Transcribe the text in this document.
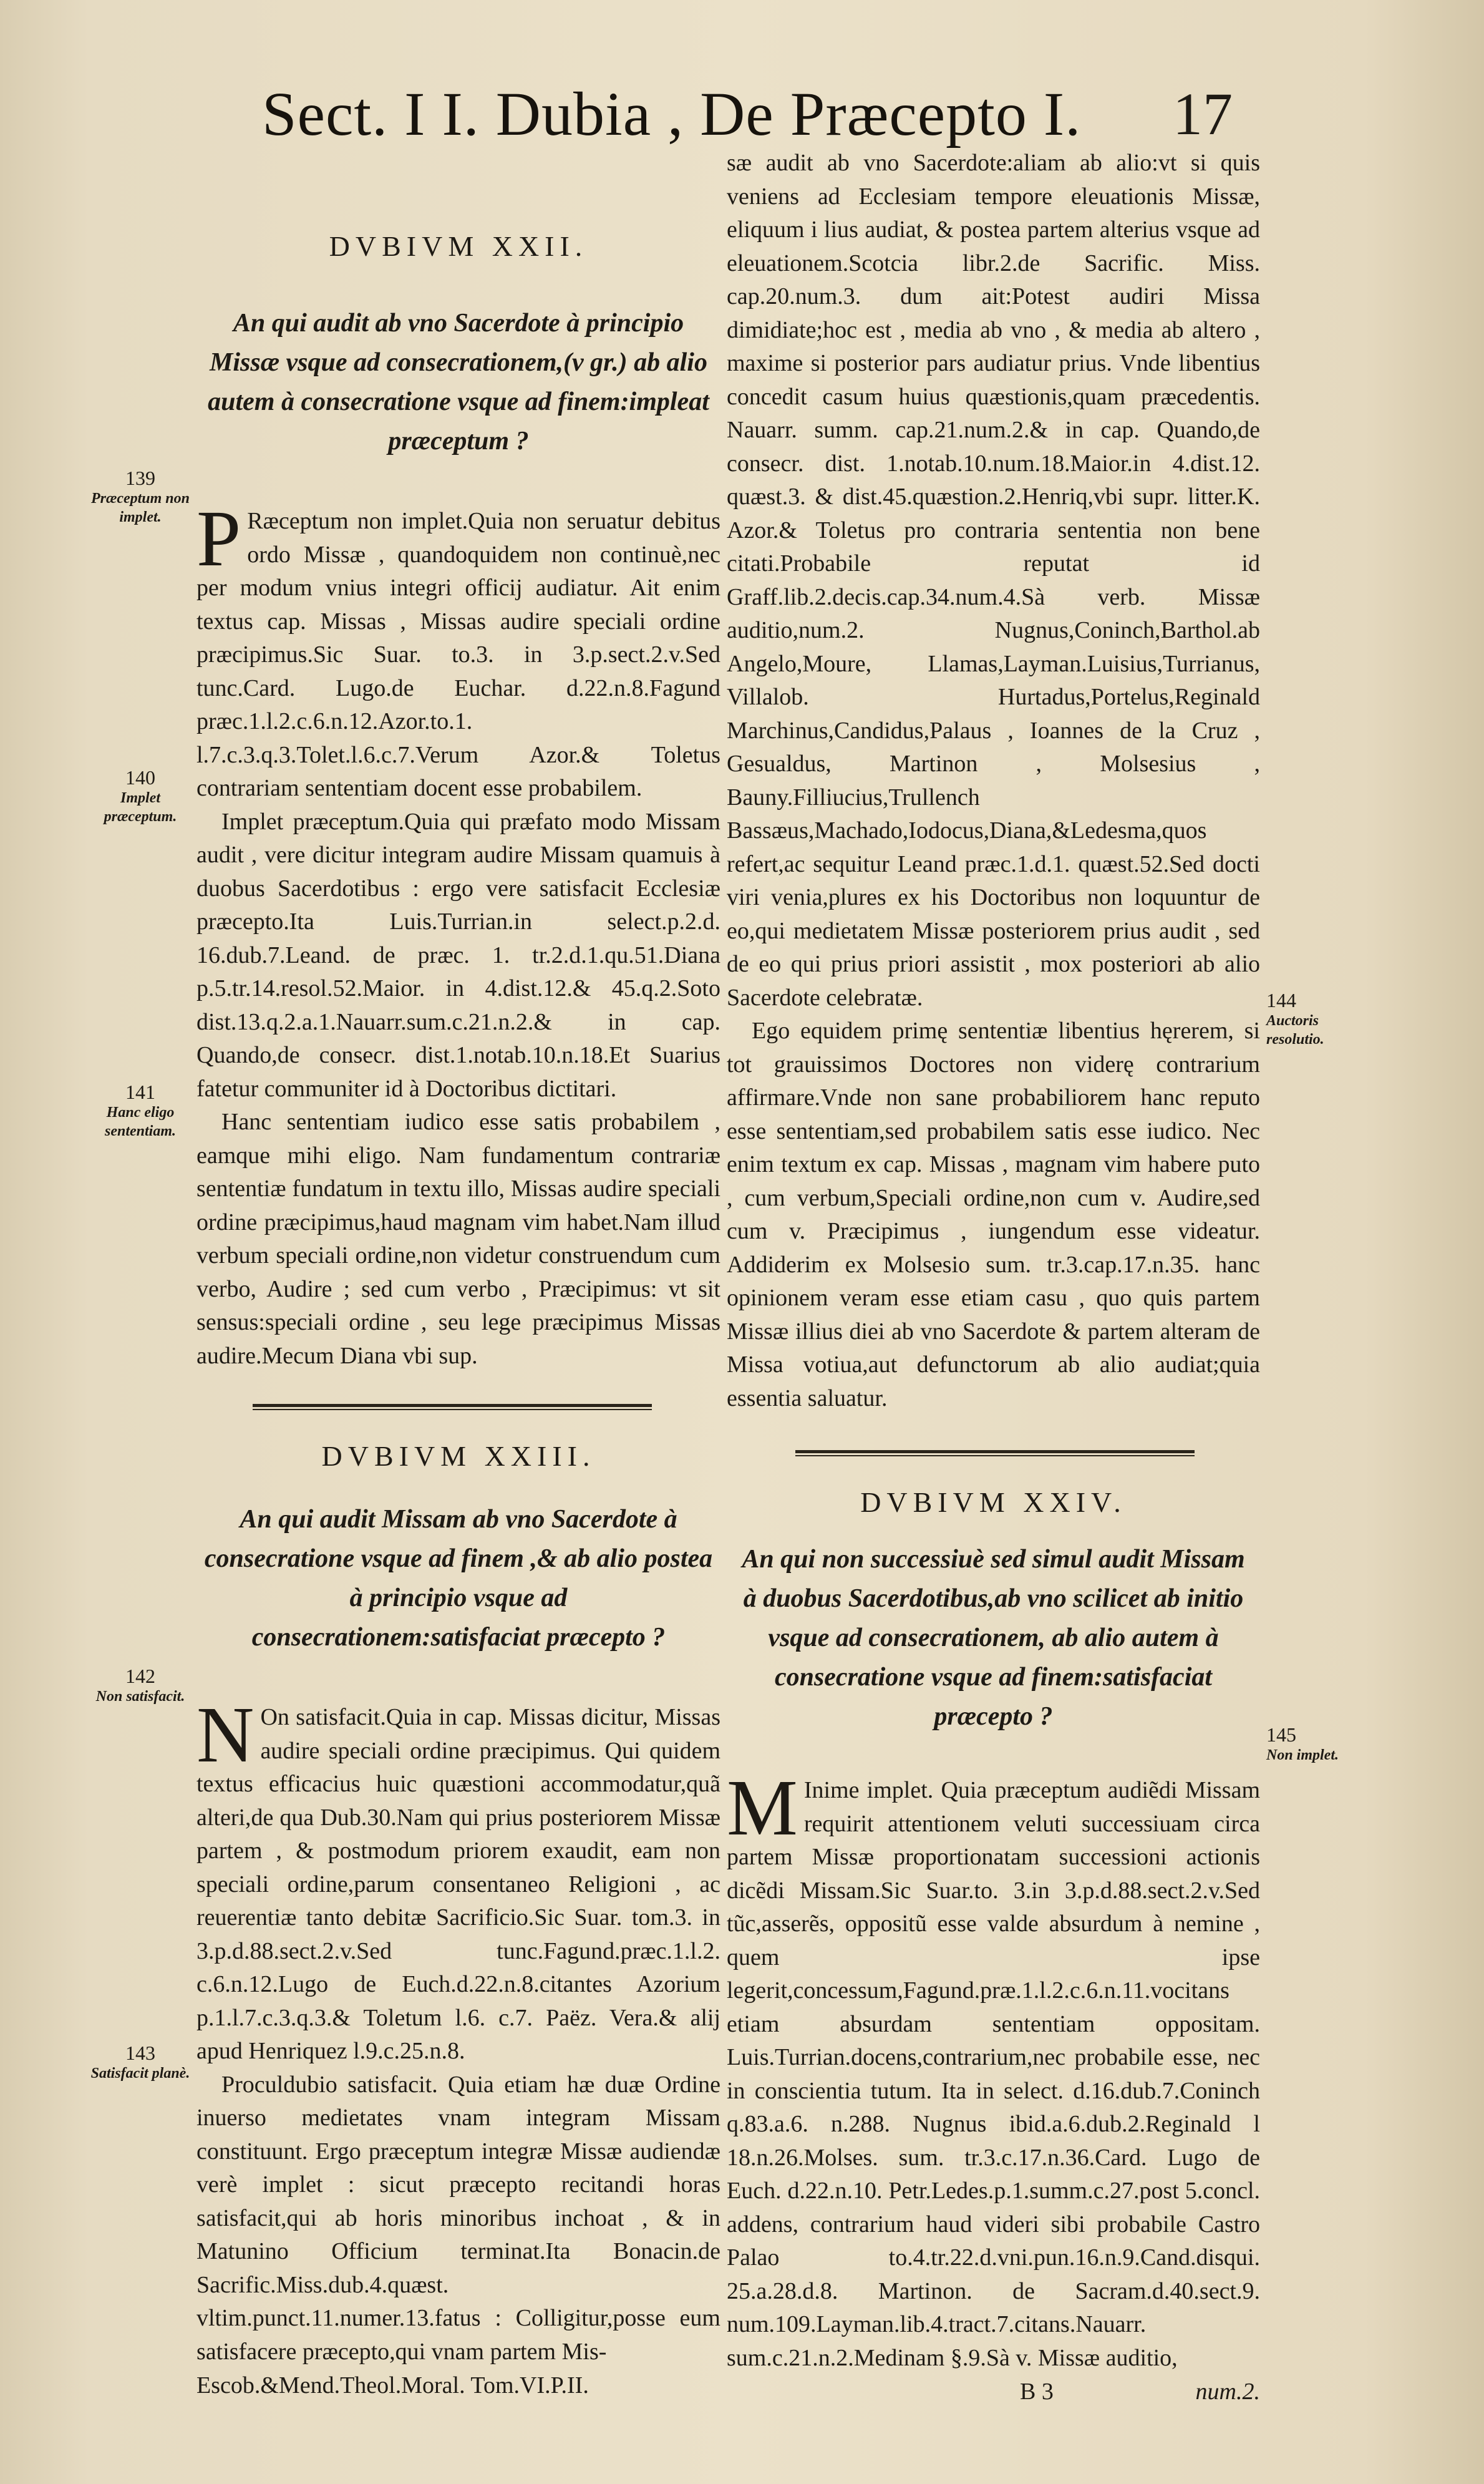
Sect. I I. Dubia , De Præcepto I. 17
DVBIVM XXII.
An qui audit ab vno Sacerdote à principio Missæ vsque ad consecrationem,(v gr.) ab alio autem à consecratione vsque ad finem:impleat præceptum ?

P Ræceptum non implet.Quia non seruatur debitus ordo Missæ , quandoquidem non continuè,nec per modum vnius integri officij audiatur. Ait enim textus cap. Missas , Missas audire speciali ordine præcipimus.Sic Suar. to.3. in 3.p.sect.2.v.Sed tunc.Card. Lugo.de Euchar. d.22.n.8.Fagund præc.1.l.2.c.6.n.12.Azor.to.1. l.7.c.3.q.3.Tolet.l.6.c.7.Verum Azor.& Toletus contrariam sententiam docent esse probabilem.

Implet præceptum.Quia qui præfato modo Missam audit , vere dicitur integram audire Missam quamuis à duobus Sacerdotibus : ergo vere satisfacit Ecclesiæ præcepto.Ita Luis.Turrian.in select.p.2.d. 16.dub.7.Leand. de præc. 1. tr.2.d.1.qu.51.Diana p.5.tr.14.resol.52.Maior. in 4.dist.12.& 45.q.2.Soto dist.13.q.2.a.1.Nauarr.sum.c.21.n.2.& in cap. Quando,de consecr. dist.1.notab.10.n.18.Et Suarius fatetur communiter id à Doctoribus dictitari.

Hanc sententiam iudico esse satis probabilem , eamque mihi eligo. Nam fundamentum contrariæ sententiæ fundatum in textu illo, Missas audire speciali ordine præcipimus,haud magnam vim habet.Nam illud verbum speciali ordine,non videtur construendum cum verbo, Audire ; sed cum verbo , Præcipimus: vt sit sensus:speciali ordine , seu lege præcipimus Missas audire.Mecum Diana vbi sup.

DVBIVM XXIII.
An qui audit Missam ab vno Sacerdote à consecratione vsque ad finem ,& ab alio postea à principio vsque ad consecrationem:satisfaciat præcepto ?

N On satisfacit.Quia in cap. Missas dicitur, Missas audire speciali ordine præcipimus. Qui quidem textus efficacius huic quæstioni accommodatur,quã alteri,de qua Dub.30.Nam qui prius posteriorem Missæ partem , & postmodum priorem exaudit, eam non speciali ordine,parum consentaneo Religioni , ac reuerentiæ tanto debitæ Sacrificio.Sic Suar. tom.3. in 3.p.d.88.sect.2.v.Sed tunc.Fagund.præc.1.l.2. c.6.n.12.Lugo de Euch.d.22.n.8.citantes Azorium p.1.l.7.c.3.q.3.& Toletum l.6. c.7. Paëz. Vera.& alij apud Henriquez l.9.c.25.n.8.

Proculdubio satisfacit. Quia etiam hæ duæ Ordine inuerso medietates vnam integram Missam constituunt. Ergo præceptum integræ Missæ audiendæ verè implet : sicut præcepto recitandi horas satisfacit,qui ab horis minoribus inchoat , & in Matunino Officium terminat.Ita Bonacin.de Sacrific.Miss.dub.4.quæst. vltim.punct.11.numer.13.fatus : Colligitur,posse eum satisfacere præcepto,qui vnam partem Mis-

Escob.&Mend.Theol.Moral. Tom.VI.P.II.

sæ audit ab vno Sacerdote:aliam ab alio:vt si quis veniens ad Ecclesiam tempore eleuationis Missæ, eliquum i lius audiat, & postea partem alterius vsque ad eleuationem.Scotcia libr.2.de Sacrific. Miss. cap.20.num.3. dum ait:Potest audiri Missa dimidiate;hoc est , media ab vno , & media ab altero , maxime si posterior pars audiatur prius. Vnde libentius concedit casum huius quæstionis,quam præcedentis. Nauarr. summ. cap.21.num.2.& in cap. Quando,de consecr. dist. 1.notab.10.num.18.Maior.in 4.dist.12. quæst.3. & dist.45.quæstion.2.Henriq,vbi supr. litter.K. Azor.& Toletus pro contraria sententia non bene citati.Probabile reputat id Graff.lib.2.decis.cap.34.num.4.Sà verb. Missæ auditio,num.2. Nugnus,Coninch,Barthol.ab Angelo,Moure, Llamas,Layman.Luisius,Turrianus, Villalob. Hurtadus,Portelus,Reginald Marchinus,Candidus,Palaus , Ioannes de la Cruz , Gesualdus, Martinon , Molsesius , Bauny.Filliucius,Trullench Bassæus,Machado,Iodocus,Diana,&Ledesma,quos refert,ac sequitur Leand præc.1.d.1. quæst.52.Sed docti viri venia,plures ex his Doctoribus non loquuntur de eo,qui medietatem Missæ posteriorem prius audit , sed de eo qui prius priori assistit , mox posteriori ab alio Sacerdote celebratæ.

Ego equidem primę sententiæ libentius hęrerem, si tot grauissimos Doctores non viderę contrarium affirmare.Vnde non sane probabiliorem hanc reputo esse sententiam,sed probabilem satis esse iudico. Nec enim textum ex cap. Missas , magnam vim habere puto , cum verbum,Speciali ordine,non cum v. Audire,sed cum v. Præcipimus , iungendum esse videatur. Addiderim ex Molsesio sum. tr.3.cap.17.n.35. hanc opinionem veram esse etiam casu , quo quis partem Missæ illius diei ab vno Sacerdote & partem alteram de Missa votiua,aut defunctorum ab alio audiat;quia essentia saluatur.

DVBIVM XXIV.
An qui non successiuè sed simul audit Missam à duobus Sacerdotibus,ab vno scilicet ab initio vsque ad consecrationem, ab alio autem à consecratione vsque ad finem:satisfaciat præcepto ?

M Inime implet. Quia præceptum audiẽdi Missam requirit attentionem veluti successiuam circa partem Missæ proportionatam successioni actionis dicẽdi Missam.Sic Suar.to. 3.in 3.p.d.88.sect.2.v.Sed tũc,asserẽs, oppositũ esse valde absurdum à nemine , quem ipse legerit,concessum,Fagund.præ.1.l.2.c.6.n.11.vocitans etiam absurdam sententiam oppositam. Luis.Turrian.docens,contrarium,nec probabile esse, nec in conscientia tutum. Ita in select. d.16.dub.7.Coninch q.83.a.6. n.288. Nugnus ibid.a.6.dub.2.Reginald l 18.n.26.Molses. sum. tr.3.c.17.n.36.Card. Lugo de Euch. d.22.n.10. Petr.Ledes.p.1.summ.c.27.post 5.concl. addens, contrarium haud videri sibi probabile Castro Palao to.4.tr.22.d.vni.pun.16.n.9.Cand.disqui. 25.a.28.d.8. Martinon. de Sacram.d.40.sect.9. num.109.Layman.lib.4.tract.7.citans.Nauarr. sum.c.21.n.2.Medinam §.9.Sà v. Missæ auditio,

B 3	num.2.
139
Præceptum non implet.
140
Implet præceptum.
141
Hanc eligo sententiam.
142
Non satisfacit.
143
Satisfacit planè.
144
Auctoris resolutio.
145
Non implet.
